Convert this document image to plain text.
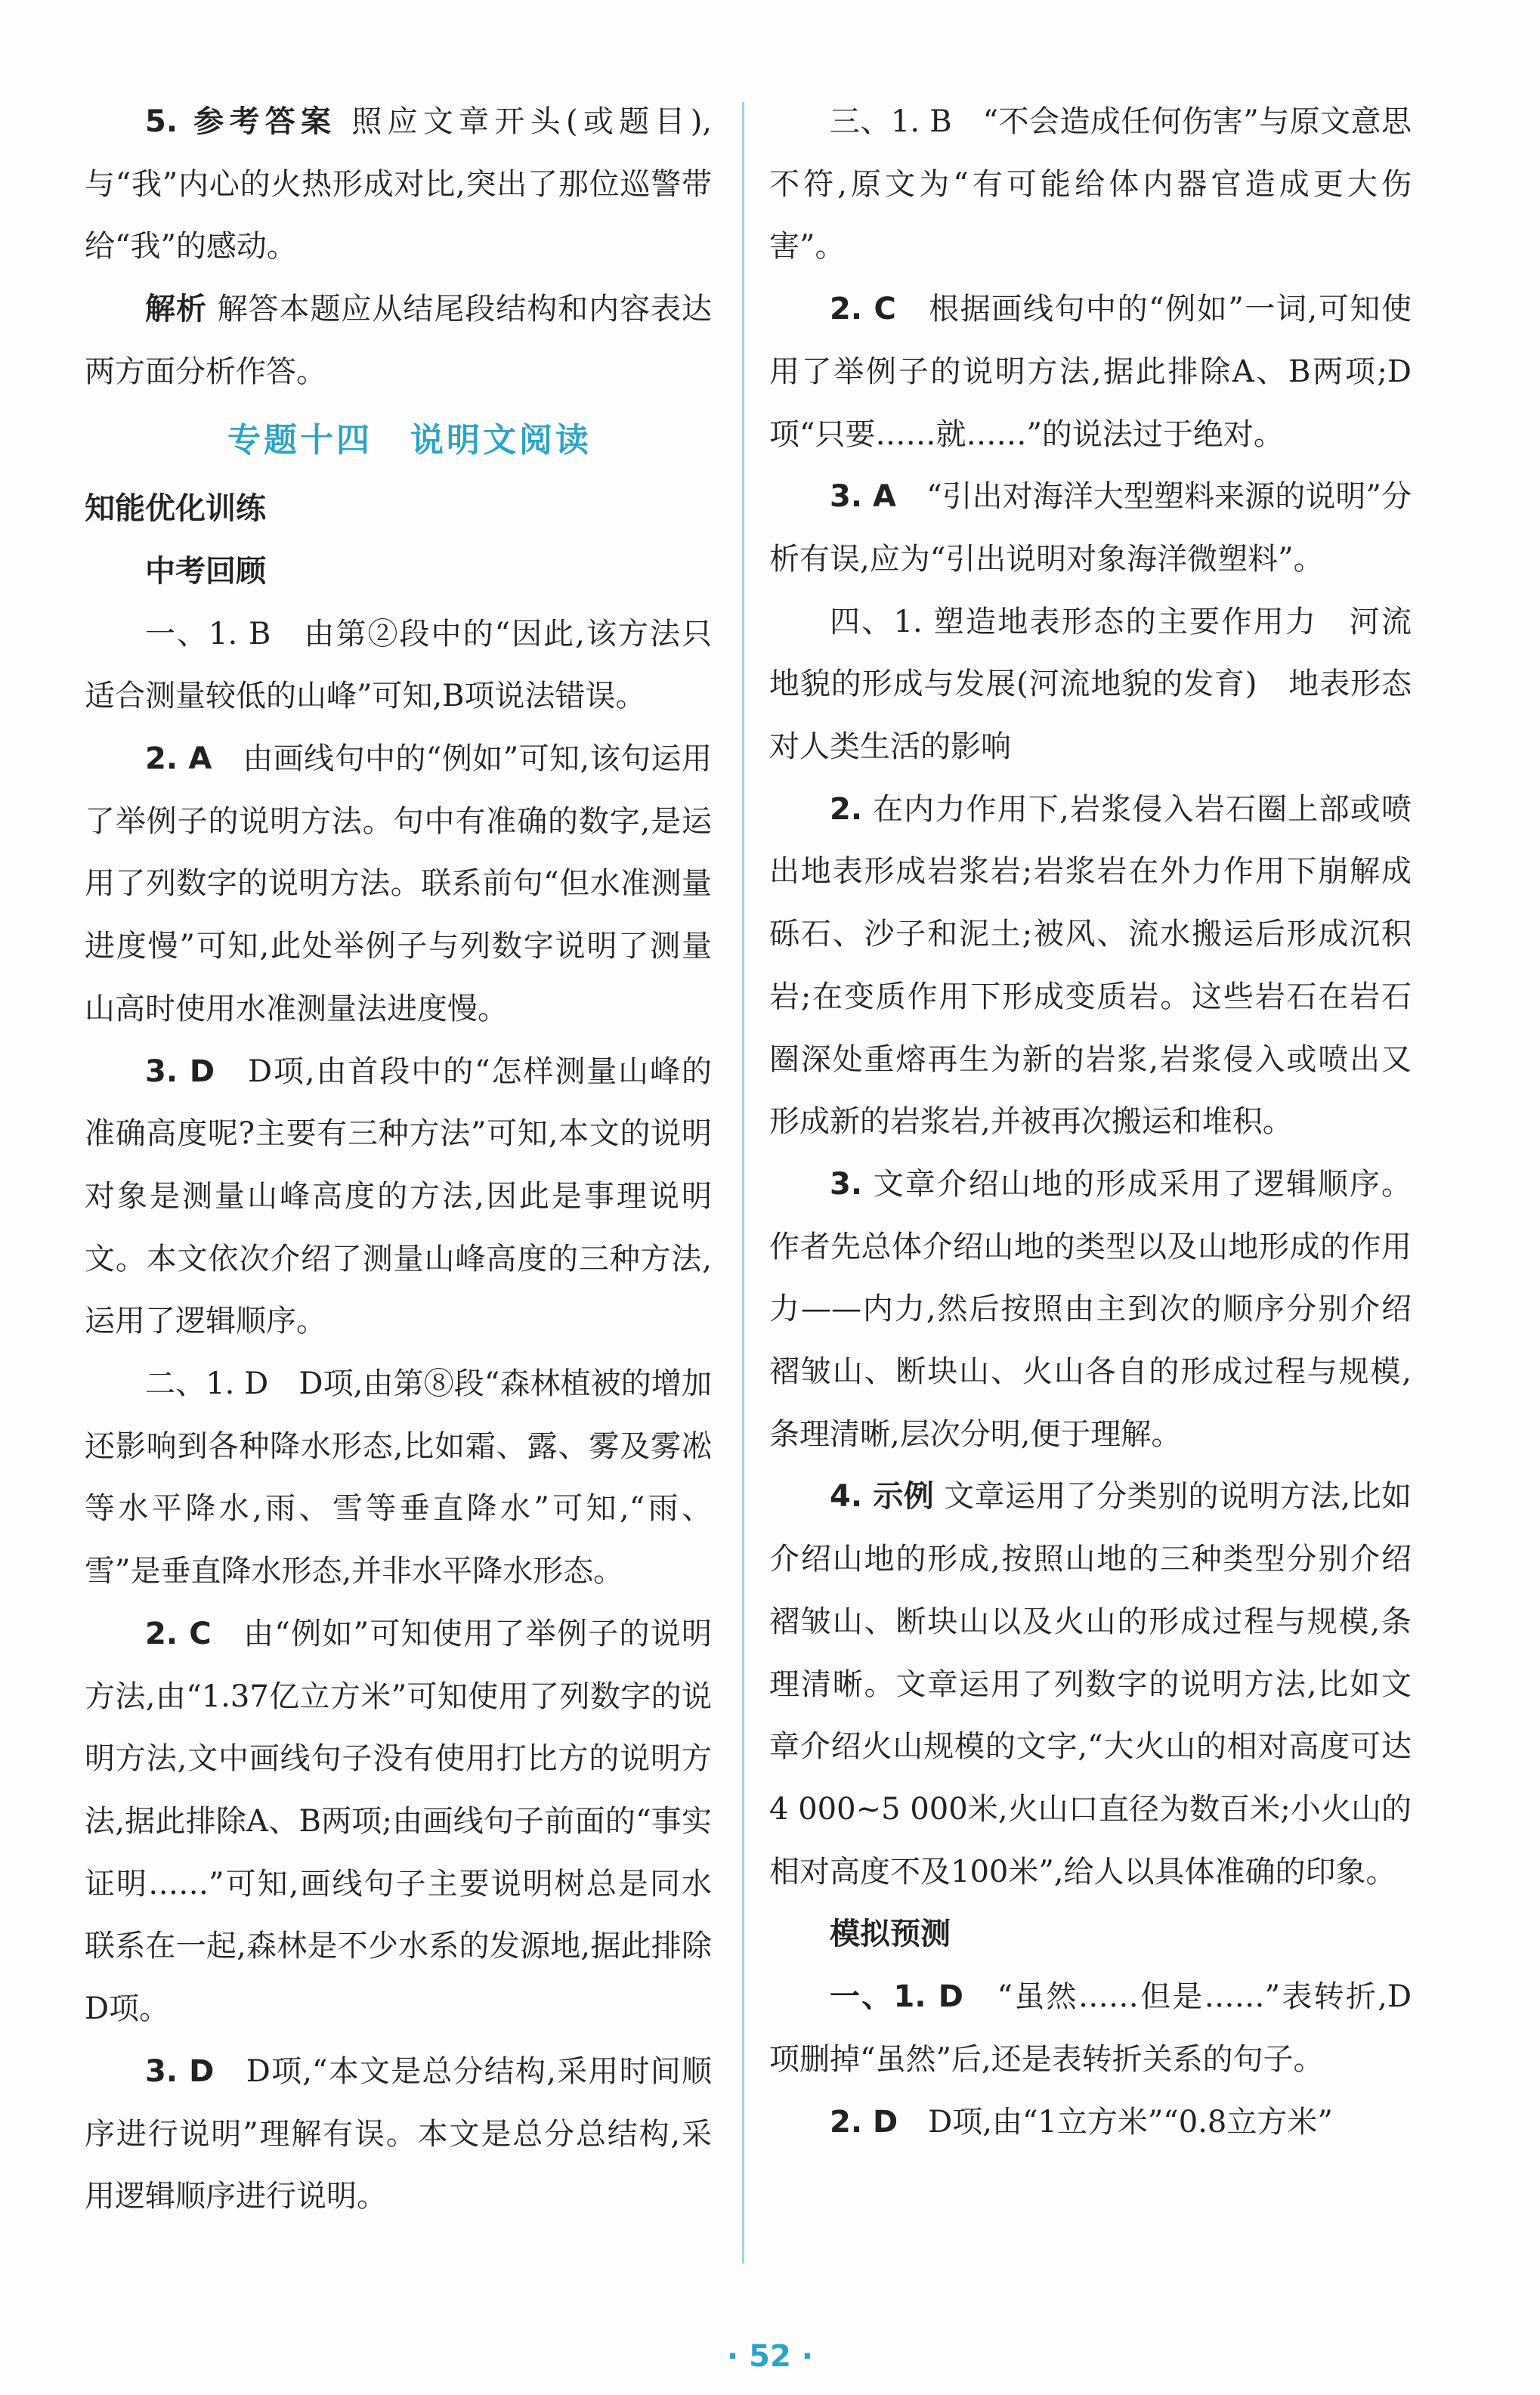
5. 参考答案 照应文章开头(或题目),与“我”内心的火热形成对比,突出了那位巡警带给“我”的感动。

解析 解答本题应从结尾段结构和内容表达两方面分析作答。

专题十四 说明文阅读

知能优化训练

中考回顾

一、1. B　由第②段中的“因此,该方法只适合测量较低的山峰”可知,B项说法错误。

2. A　由画线句中的“例如”可知,该句运用了举例子的说明方法。句中有准确的数字,是运用了列数字的说明方法。联系前句“但水准测量进度慢”可知,此处举例子与列数字说明了测量山高时使用水准测量法进度慢。

3. D　D项,由首段中的“怎样测量山峰的准确高度呢?主要有三种方法”可知,本文的说明对象是测量山峰高度的方法,因此是事理说明文。本文依次介绍了测量山峰高度的三种方法,运用了逻辑顺序。

二、1. D　D项,由第⑧段“森林植被的增加还影响到各种降水形态,比如霜、露、雾及雾凇等水平降水,雨、雪等垂直降水”可知,“雨、雪”是垂直降水形态,并非水平降水形态。

2. C　由“例如”可知使用了举例子的说明方法,由“1.37亿立方米”可知使用了列数字的说明方法,文中画线句子没有使用打比方的说明方法,据此排除A、B两项;由画线句子前面的“事实证明……”可知,画线句子主要说明树总是同水联系在一起,森林是不少水系的发源地,据此排除D项。

3. D　D项,“本文是总分结构,采用时间顺序进行说明”理解有误。本文是总分总结构,采用逻辑顺序进行说明。

三、1. B　“不会造成任何伤害”与原文意思不符,原文为“有可能给体内器官造成更大伤害”。

2. C　根据画线句中的“例如”一词,可知使用了举例子的说明方法,据此排除A、B两项;D项“只要……就……”的说法过于绝对。

3. A　“引出对海洋大型塑料来源的说明”分析有误,应为“引出说明对象海洋微塑料”。

四、1. 塑造地表形态的主要作用力　河流地貌的形成与发展(河流地貌的发育)　地表形态对人类生活的影响

2. 在内力作用下,岩浆侵入岩石圈上部或喷出地表形成岩浆岩;岩浆岩在外力作用下崩解成砾石、沙子和泥土;被风、流水搬运后形成沉积岩;在变质作用下形成变质岩。这些岩石在岩石圈深处重熔再生为新的岩浆,岩浆侵入或喷出又形成新的岩浆岩,并被再次搬运和堆积。

3. 文章介绍山地的形成采用了逻辑顺序。作者先总体介绍山地的类型以及山地形成的作用力——内力,然后按照由主到次的顺序分别介绍褶皱山、断块山、火山各自的形成过程与规模,条理清晰,层次分明,便于理解。

4. 示例 文章运用了分类别的说明方法,比如介绍山地的形成,按照山地的三种类型分别介绍褶皱山、断块山以及火山的形成过程与规模,条理清晰。文章运用了列数字的说明方法,比如文章介绍火山规模的文字,“大火山的相对高度可达4 000~5 000米,火山口直径为数百米;小火山的相对高度不及100米”,给人以具体准确的印象。

模拟预测

一、1. D　“虽然……但是……”表转折,D项删掉“虽然”后,还是表转折关系的句子。

2. D　D项,由“1立方米”“0.8立方米”

· 52 ·
